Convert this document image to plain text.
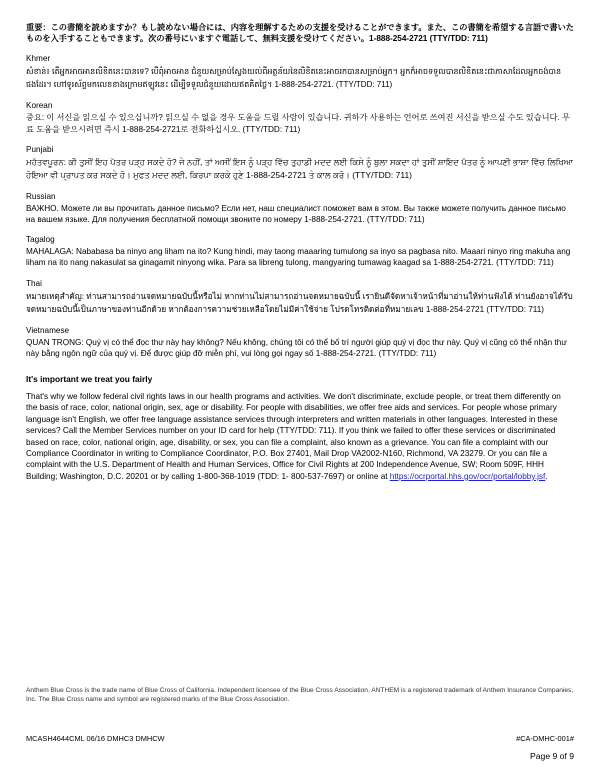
重要：この書簡を読めますか？もし読めない場合には、内容を理解するための支援を受けることができます。また、この書簡を希望する言語で書いたものを入手することもできます。次の番号にいますぐ電話して、無料支援を受けてください。1-888-254-2721 (TTY/TDD: 711)
Khmer
សំខាន់៖ តើអ្នកអាចអានលិខិតនេះបានទេ? បើពុំអាចអាន ជំនួយសម្រាប់ស្វែងយល់ពីអត្ថន័យនៃលិខិតនេះអាចរកបានសម្រាប់អ្នក។ អ្នកក៏អាចទទួលបានលិខិតនេះជាភាសាដែលអ្នកចង់បានផងដែរ។ ហៅទូរស័ព្ទមកលេខខាងក្រោមឥឡូវនេះ ដើម្បីទទួលជំនួយដោយឥតគិតថ្លៃ។ 1-888-254-2721. (TTY/TDD: 711)
Korean
중요: 이 서신을 읽으실 수 있으십니까? 읽으실 수 없을 경우 도움을 드릴 사람이 있습니다. 귀하가 사용하는 언어로 쓰여진 서신을 받으실 수도 있습니다. 무료 도움을 받으시려면 즉시 1-888-254-2721로 전화하십시오. (TTY/TDD: 711)
Punjabi
ਮਹੱਤਵਪੂਰਨ: ਕੀ ਤੁਸੀਂ ਇਹ ਪੱਤਰ ਪੜ੍ਹ ਸਕਦੇ ਹੋ? ਜੇ ਨਹੀਂ, ਤਾਂ ਅਸੀਂ ਇਸ ਨੂੰ ਪੜ੍ਹ ਵਿੱਚ ਤੁਹਾਡੀ ਮਦਦ ਲਈ ਕਿਸੇ ਨੂੰ ਬੁਲਾ ਸਕਦਾ ਹਾਂ ਤੁਸੀਂ ਸ਼ਾਇਦ ਪੱਤਰ ਨੂੰ ਆਪਣੀ ਭਾਸ਼ਾ ਵਿੱਚ ਲਿਖਿਆ ਹੋਇਆ ਵੀ ਪ੍ਰਾਪਤ ਕਰ ਸਕਦੇ ਹੋ। ਮੁਫਤ ਮਦਦ ਲਈ, ਕਿਰਪਾ ਕਰਕੇ ਹੁਣੇ 1-888-254-2721 ਤੇ ਕਾਲ ਕਰੋ। (TTY/TDD: 711)
Russian
ВАЖНО. Можете ли вы прочитать данное письмо? Если нет, наш специалист поможет вам в этом. Вы также можете получить данное письмо на вашем языке. Для получения бесплатной помощи звоните по номеру 1-888-254-2721. (TTY/TDD: 711)
Tagalog
MAHALAGA: Nababasa ba ninyo ang liham na ito? Kung hindi, may taong maaaring tumulong sa inyo sa pagbasa nito. Maaari ninyo ring makuha ang liham na ito nang nakasulat sa ginagamit ninyong wika. Para sa libreng tulong, mangyaring tumawag kaagad sa 1-888-254-2721. (TTY/TDD: 711)
Thai
หมายเหตุสำคัญ: ท่านสามารถอ่านจดหมายฉบับนี้หรือไม่ หากท่านไม่สามารถอ่านจดหมายฉบับนี้ เรายินดีจัดหาเจ้าหน้าที่มาอ่านให้ท่านฟังได้ ท่านยังอาจได้รับจดหมายฉบับนี้เป็นภาษาของท่านอีกด้วย หากต้องการความช่วยเหลือโดยไม่มีค่าใช้จ่าย โปรดโทรติดต่อที่หมายเลข 1-888-254-2721 (TTY/TDD: 711)
Vietnamese
QUAN TRỌNG: Quý vị có thể đọc thư này hay không? Nếu không, chúng tôi có thể bố trí người giúp quý vị đọc thư này. Quý vị cũng có thể nhận thư này bằng ngôn ngữ của quý vị. Để được giúp đỡ miễn phí, vui lòng gọi ngay số 1-888-254-2721. (TTY/TDD: 711)
It's important we treat you fairly
That's why we follow federal civil rights laws in our health programs and activities. We don't discriminate, exclude people, or treat them differently on the basis of race, color, national origin, sex, age or disability. For people with disabilities, we offer free aids and services. For people whose primary language isn't English, we offer free language assistance services through interpreters and written materials in other languages. Interested in these services? Call the Member Services number on your ID card for help (TTY/TDD: 711). If you think we failed to offer these services or discriminated based on race, color, national origin, age, disability, or sex, you can file a complaint, also known as a grievance. You can file a complaint with our Compliance Coordinator in writing to Compliance Coordinator, P.O. Box 27401, Mail Drop VA2002-N160, Richmond, VA 23279. Or you can file a complaint with the U.S. Department of Health and Human Services, Office for Civil Rights at 200 Independence Avenue, SW; Room 509F, HHH Building; Washington, D.C. 20201 or by calling 1-800-368-1019 (TDD: 1- 800-537-7697) or online at https://ocrportal.hhs.gov/ocr/portal/lobby.jsf.
Anthem Blue Cross is the trade name of Blue Cross of California. Independent licensee of the Blue Cross Association. ANTHEM is a registered trademark of Anthem Insurance Companies, Inc. The Blue Cross name and symbol are registered marks of the Blue Cross Association.
MCASH4644CML 06/16 DMHC3 DMHCW	#CA-DMHC-001#
Page 9 of 9
